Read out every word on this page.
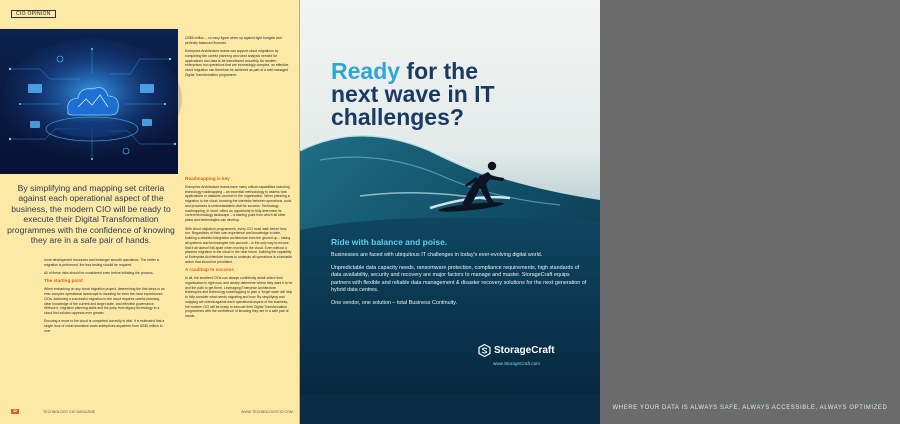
CIO OPINION
By simplifying and mapping set criteria against each operational aspect of the business, the modern CIO will be ready to execute their Digital Transformation programmes with the confidence of knowing they are in a safe pair of hands.

more development resources and endanger smooth operations. The better a migration is performed, the less testing should be required.

All of these risks should be considered even before initiating the process.

The starting point

When embarking on any cloud migration project, determining the first steps is an ever-complex operational landscape is daunting for even the most experienced CIOs. Achieving a successful migration to the cloud requires careful planning, clear knowledge of the current and target state, and effective governance. Without it, migration planning stalls and the jump from legacy technology to a cloud-first solution appears ever greater.

Ensuring a move to the cloud is completed correctly is vital. It is estimated that a single hour of cloud downtime costs enterprises anywhere from US$1 million to over

US$5 million – no easy figure when up against tight budgets and perfectly balanced finances.

Enterprise Architecture teams can support cloud migrations by completing the careful planning and clear analysis needed for applications and data to be transitioned smoothly. As modern enterprises run operations that are increasingly complex, an effective cloud migration can therefore be achieved as part of a well-managed Digital Transformation programme.

Roadmapping is key

Enterprise Architecture teams have many critical capabilities including technology roadmapping – an essential methodology to assess how applications or datasets connect to the organisation. When planning a migration to the cloud, knowing the interlinks between operations, tools and processes is understandable vital for success. Technology roadmapping, in short, offers an opportunity to fully determine its current technology landscape – a starting point from which all other plans and technologies can develop.

With cloud migration programmes, every CIO must walk before they run. Regardless of their own experience and knowledge to date, building a detailed integration architecture from the ground up – taking all systems and technologies into account – is the only way to ensure that it all doesn't fall apart when moving to the cloud. Even without a planned migration to the cloud in the near future, building the capability of Enterprise Architecture teams to underpin all operations is a fantastic action that should be prioritised.

A roadmap to success

In all, the smartest CIOs can always confidently detail where their organisation is right now, and clearly determine where they want it to be and the path to get there. Leveraging Enterprise Architecture techniques and technology roadmapping to plan a 'forget state' will help to fully consider what needs migrating and how. By simplifying and mapping set criteria against each operational aspect of the business, the modern CIO will be ready to execute their Digital Transformation programmes with the confidence of knowing they are in a safe pair of hands.

42	TECHNOLOGY CIO MAGAZINE	WWW.TECHNOLOGYCIO.COM
WHERE YOUR DATA IS ALWAYS SAFE, ALWAYS ACCESSIBLE, ALWAYS OPTIMIZED
Ready for the
next wave in IT
challenges?
Ride with balance and poise.

Businesses are faced with ubiquitous IT challenges in today's ever-evolving digital world.

Unpredictable data capacity needs, ransomware protection, compliance requirements, high standards of data availability, security and recovery are major factors to manage and master. StorageCraft equips partners with flexible and reliable data management & disaster recovery solutions for the next generation of hybrid data centres.

One vendor, one solution – total Business Continuity.

StorageCraft
www.StorageCraft.com
